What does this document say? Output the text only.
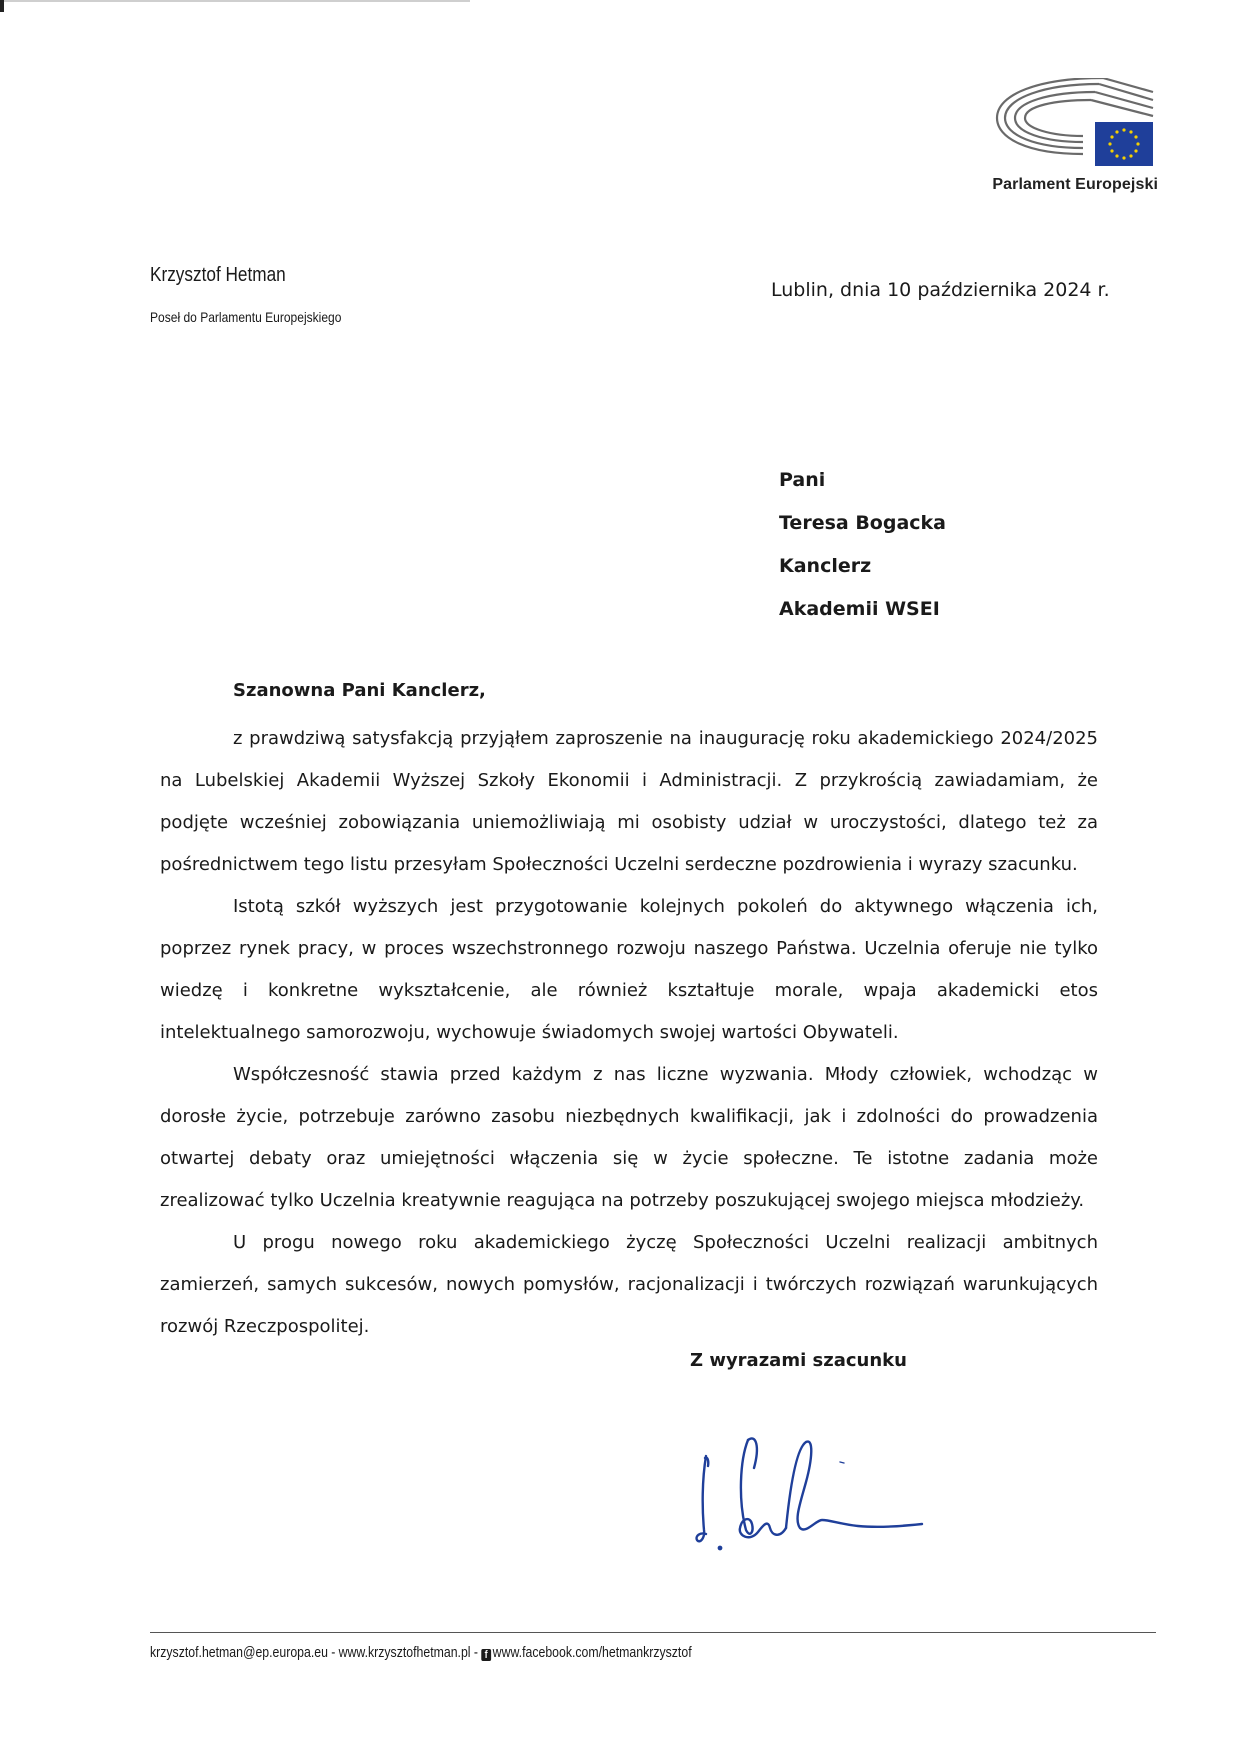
Parlament Europejski
Krzysztof Hetman
Poseł do Parlamentu Europejskiego
Lublin, dnia 10 października 2024 r.
Pani
Teresa Bogacka
Kanclerz
Akademii WSEI
Szanowna Pani Kanclerz,

z prawdziwą satysfakcją przyjąłem zaproszenie na inaugurację roku akademickiego 2024/2025 na Lubelskiej Akademii Wyższej Szkoły Ekonomii i Administracji. Z przykrością zawiadamiam, że podjęte wcześniej zobowiązania uniemożliwiają mi osobisty udział w uroczystości, dlatego też za pośrednictwem tego listu przesyłam Społeczności Uczelni serdeczne pozdrowienia i wyrazy szacunku.

Istotą szkół wyższych jest przygotowanie kolejnych pokoleń do aktywnego włączenia ich, poprzez rynek pracy, w proces wszechstronnego rozwoju naszego Państwa. Uczelnia oferuje nie tylko wiedzę i konkretne wykształcenie, ale również kształtuje morale, wpaja akademicki etos intelektualnego samorozwoju, wychowuje świadomych swojej wartości Obywateli.

Współczesność stawia przed każdym z nas liczne wyzwania. Młody człowiek, wchodząc w dorosłe życie, potrzebuje zarówno zasobu niezbędnych kwalifikacji, jak i zdolności do prowadzenia otwartej debaty oraz umiejętności włączenia się w życie społeczne. Te istotne zadania może zrealizować tylko Uczelnia kreatywnie reagująca na potrzeby poszukującej swojego miejsca młodzieży.

U progu nowego roku akademickiego życzę Społeczności Uczelni realizacji ambitnych zamierzeń, samych sukcesów, nowych pomysłów, racjonalizacji i twórczych rozwiązań warunkujących rozwój Rzeczpospolitej.

Z wyrazami szacunku
krzysztof.hetman@ep.europa.eu - www.krzysztofhetman.pl - f www.facebook.com/hetmankrzysztof
